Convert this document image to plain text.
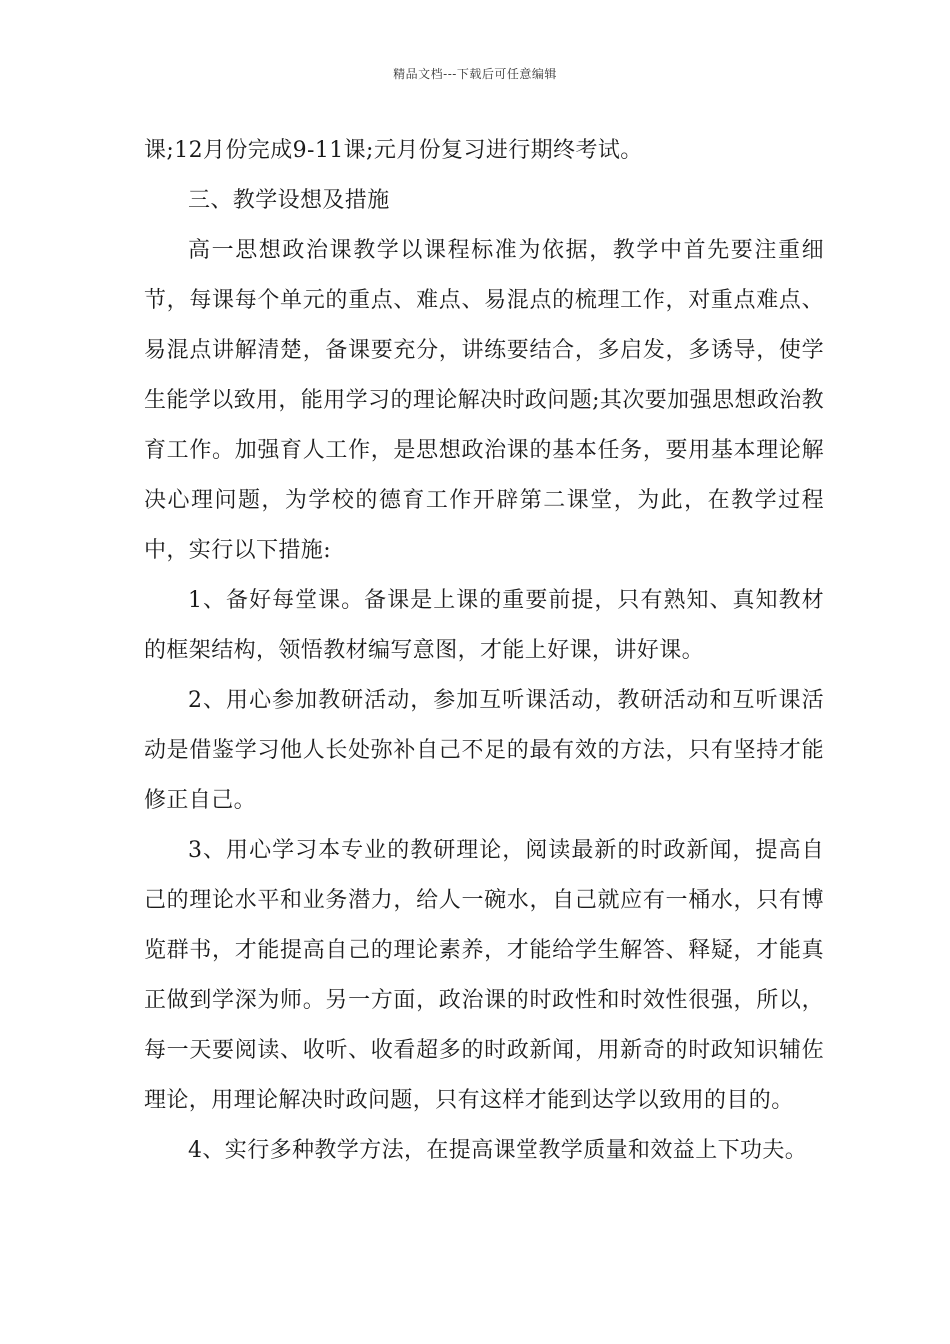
精品文档---下载后可任意编辑

课;12月份完成9-11课;元月份复习进行期终考试。

三、教学设想及措施

高一思想政治课教学以课程标准为依据，教学中首先要注重细节，每课每个单元的重点、难点、易混点的梳理工作，对重点难点、易混点讲解清楚，备课要充分，讲练要结合，多启发，多诱导，使学生能学以致用，能用学习的理论解决时政问题;其次要加强思想政治教育工作。加强育人工作，是思想政治课的基本任务，要用基本理论解决心理问题，为学校的德育工作开辟第二课堂，为此，在教学过程中，实行以下措施:

1、备好每堂课。备课是上课的重要前提，只有熟知、真知教材的框架结构，领悟教材编写意图，才能上好课，讲好课。

2、用心参加教研活动，参加互听课活动，教研活动和互听课活动是借鉴学习他人长处弥补自己不足的最有效的方法，只有坚持才能修正自己。

3、用心学习本专业的教研理论，阅读最新的时政新闻，提高自己的理论水平和业务潜力，给人一碗水，自己就应有一桶水，只有博览群书，才能提高自己的理论素养，才能给学生解答、释疑，才能真正做到学深为师。另一方面，政治课的时政性和时效性很强，所以，每一天要阅读、收听、收看超多的时政新闻，用新奇的时政知识辅佐理论，用理论解决时政问题，只有这样才能到达学以致用的目的。

4、实行多种教学方法，在提高课堂教学质量和效益上下功夫。
